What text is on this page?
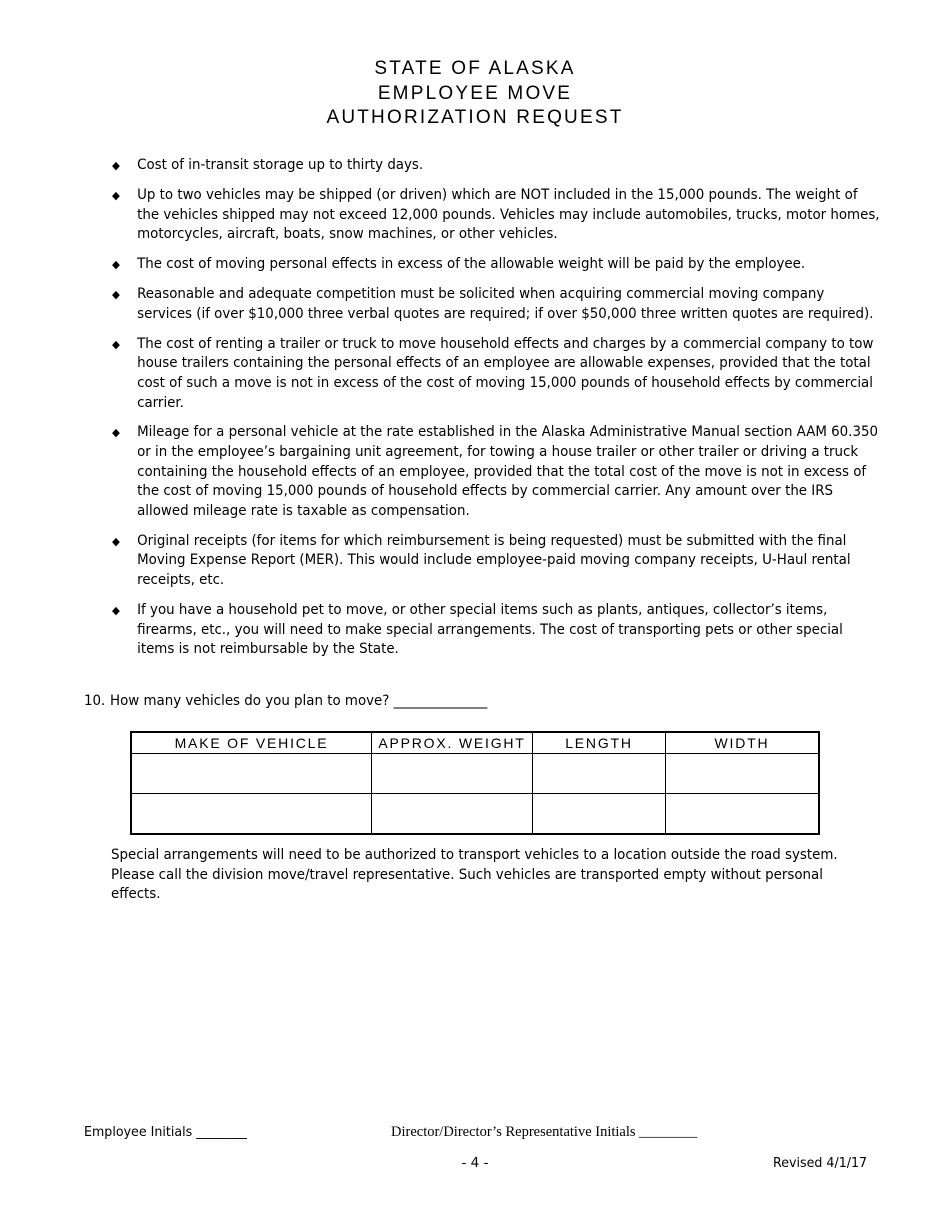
STATE OF ALASKA
EMPLOYEE MOVE
AUTHORIZATION REQUEST
◆ Cost of in-transit storage up to thirty days.
◆ Up to two vehicles may be shipped (or driven) which are NOT included in the 15,000 pounds. The weight of the vehicles shipped may not exceed 12,000 pounds. Vehicles may include automobiles, trucks, motor homes, motorcycles, aircraft, boats, snow machines, or other vehicles.
◆ The cost of moving personal effects in excess of the allowable weight will be paid by the employee.
◆ Reasonable and adequate competition must be solicited when acquiring commercial moving company services (if over $10,000 three verbal quotes are required; if over $50,000 three written quotes are required).
◆ The cost of renting a trailer or truck to move household effects and charges by a commercial company to tow house trailers containing the personal effects of an employee are allowable expenses, provided that the total cost of such a move is not in excess of the cost of moving 15,000 pounds of household effects by commercial carrier.
◆ Mileage for a personal vehicle at the rate established in the Alaska Administrative Manual section AAM 60.350 or in the employee’s bargaining unit agreement, for towing a house trailer or other trailer or driving a truck containing the household effects of an employee, provided that the total cost of the move is not in excess of the cost of moving 15,000 pounds of household effects by commercial carrier. Any amount over the IRS allowed mileage rate is taxable as compensation.
◆ Original receipts (for items for which reimbursement is being requested) must be submitted with the final Moving Expense Report (MER). This would include employee-paid moving company receipts, U-Haul rental receipts, etc.
◆ If you have a household pet to move, or other special items such as plants, antiques, collector’s items, firearms, etc., you will need to make special arrangements. The cost of transporting pets or other special items is not reimbursable by the State.
10. How many vehicles do you plan to move? ______________
MAKE OF VEHICLE	APPROX. WEIGHT	LENGTH	WIDTH

Special arrangements will need to be authorized to transport vehicles to a location outside the road system. Please call the division move/travel representative. Such vehicles are transported empty without personal effects.
Employee Initials ________	Director/Director’s Representative Initials ________
- 4 -	Revised 4/1/17
